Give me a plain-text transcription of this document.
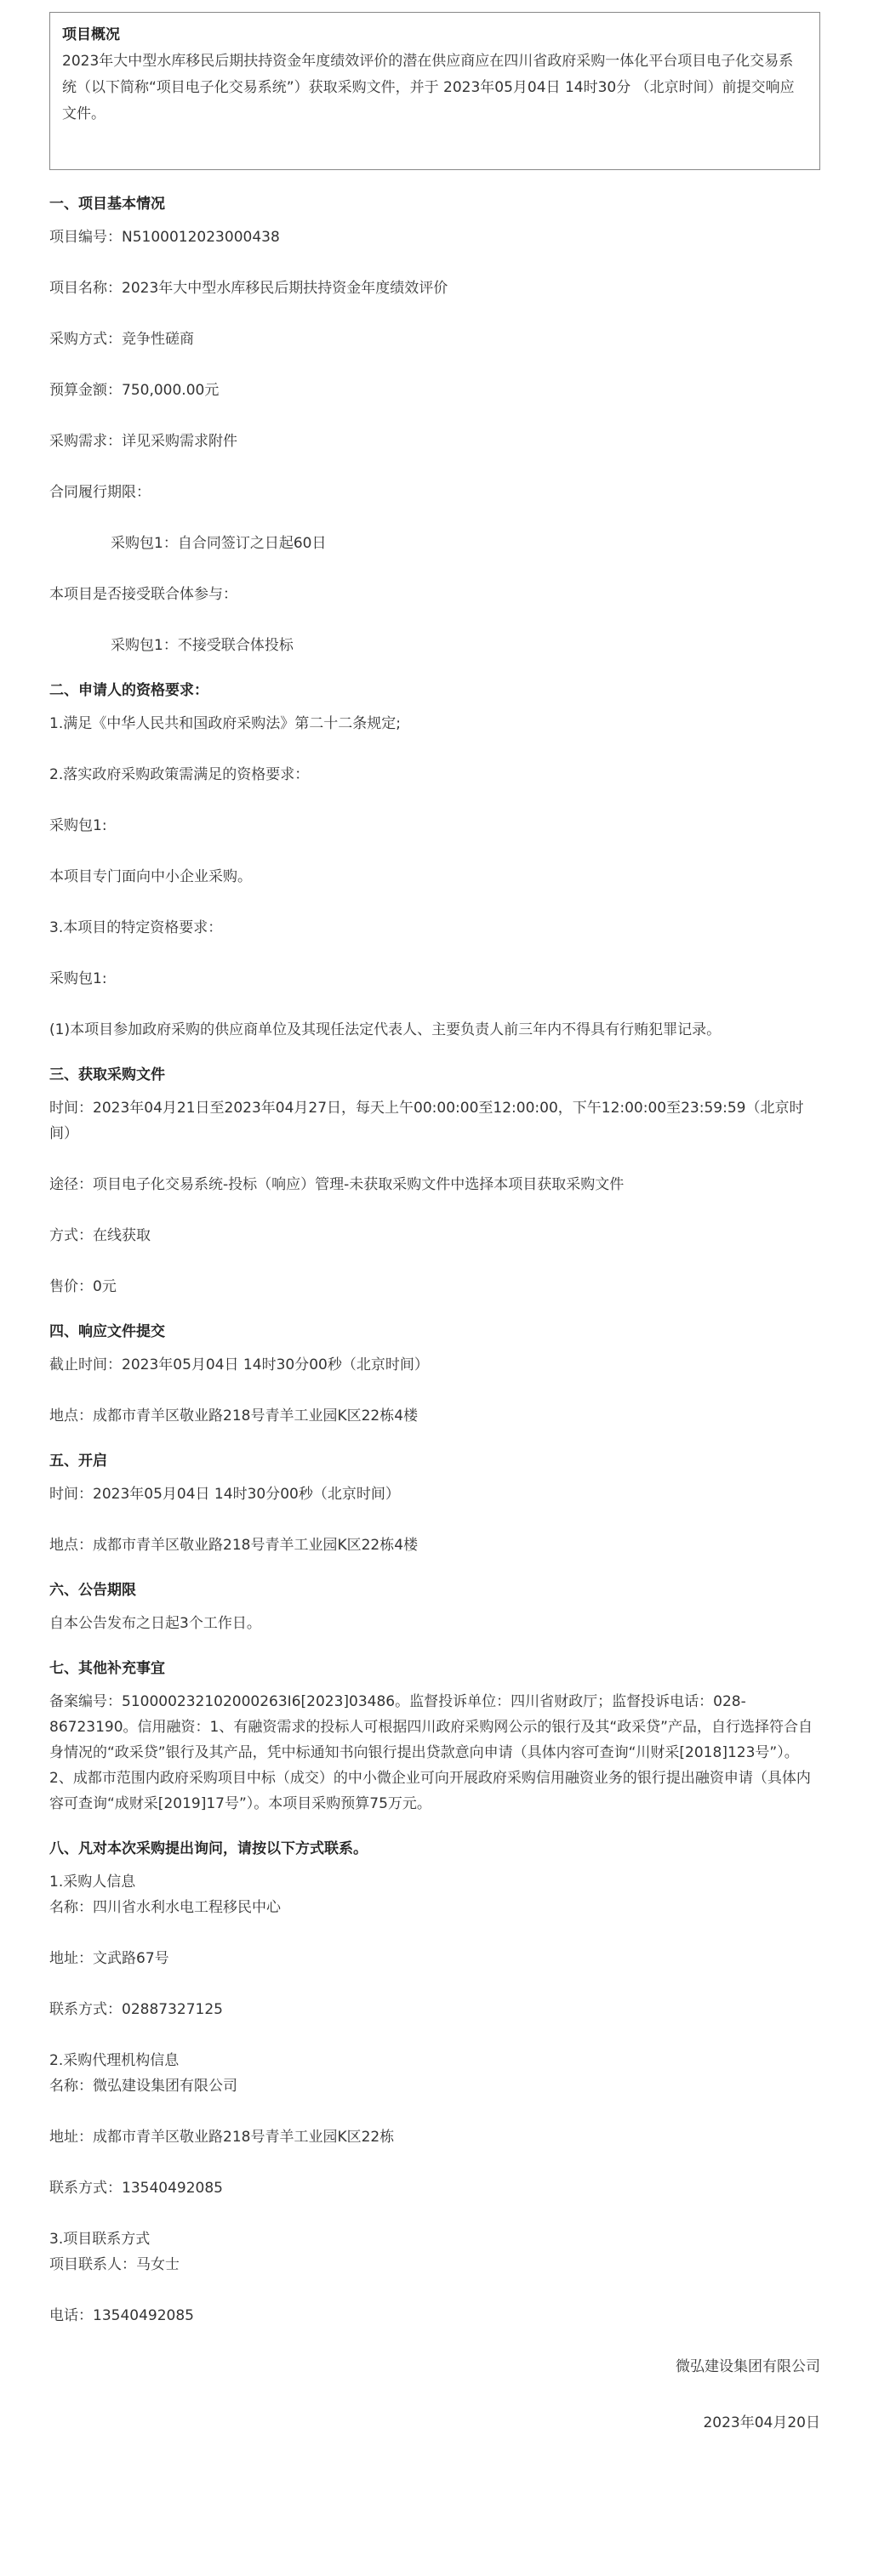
项目概况

2023年大中型水库移民后期扶持资金年度绩效评价的潜在供应商应在四川省政府采购一体化平台项目电子化交易系统（以下简称“项目电子化交易系统”）获取采购文件，并于 2023年05月04日 14时30分 （北京时间）前提交响应文件。

一、项目基本情况

项目编号：N5100012023000438

项目名称：2023年大中型水库移民后期扶持资金年度绩效评价

采购方式：竞争性磋商

预算金额：750,000.00元

采购需求：详见采购需求附件

合同履行期限：

采购包1：自合同签订之日起60日

本项目是否接受联合体参与：

采购包1：不接受联合体投标

二、申请人的资格要求：

1.满足《中华人民共和国政府采购法》第二十二条规定;

2.落实政府采购政策需满足的资格要求：

采购包1:

本项目专门面向中小企业采购。

3.本项目的特定资格要求：

采购包1:

(1)本项目参加政府采购的供应商单位及其现任法定代表人、主要负责人前三年内不得具有行贿犯罪记录。

三、获取采购文件

时间：2023年04月21日至2023年04月27日，每天上午00:00:00至12:00:00，下午12:00:00至23:59:59（北京时间）

途径：项目电子化交易系统-投标（响应）管理-未获取采购文件中选择本项目获取采购文件

方式：在线获取

售价：0元

四、响应文件提交

截止时间：2023年05月04日 14时30分00秒（北京时间）

地点：成都市青羊区敬业路218号青羊工业园K区22栋4楼

五、开启

时间：2023年05月04日 14时30分00秒（北京时间）

地点：成都市青羊区敬业路218号青羊工业园K区22栋4楼

六、公告期限

自本公告发布之日起3个工作日。

七、其他补充事宜

备案编号：510000232102000263I6[2023]03486。监督投诉单位：四川省财政厅；监督投诉电话：028-86723190。信用融资：1、有融资需求的投标人可根据四川政府采购网公示的银行及其“政采贷”产品，自行选择符合自身情况的“政采贷”银行及其产品，凭中标通知书向银行提出贷款意向申请（具体内容可查询“川财采[2018]123号”）。2、成都市范围内政府采购项目中标（成交）的中小微企业可向开展政府采购信用融资业务的银行提出融资申请（具体内容可查询“成财采[2019]17号”）。本项目采购预算75万元。

八、凡对本次采购提出询问，请按以下方式联系。

1.采购人信息

名称：四川省水利水电工程移民中心

地址：文武路67号

联系方式：02887327125

2.采购代理机构信息

名称：微弘建设集团有限公司

地址：成都市青羊区敬业路218号青羊工业园K区22栋

联系方式：13540492085

3.项目联系方式

项目联系人：马女士

电话：13540492085

微弘建设集团有限公司
2023年04月20日
